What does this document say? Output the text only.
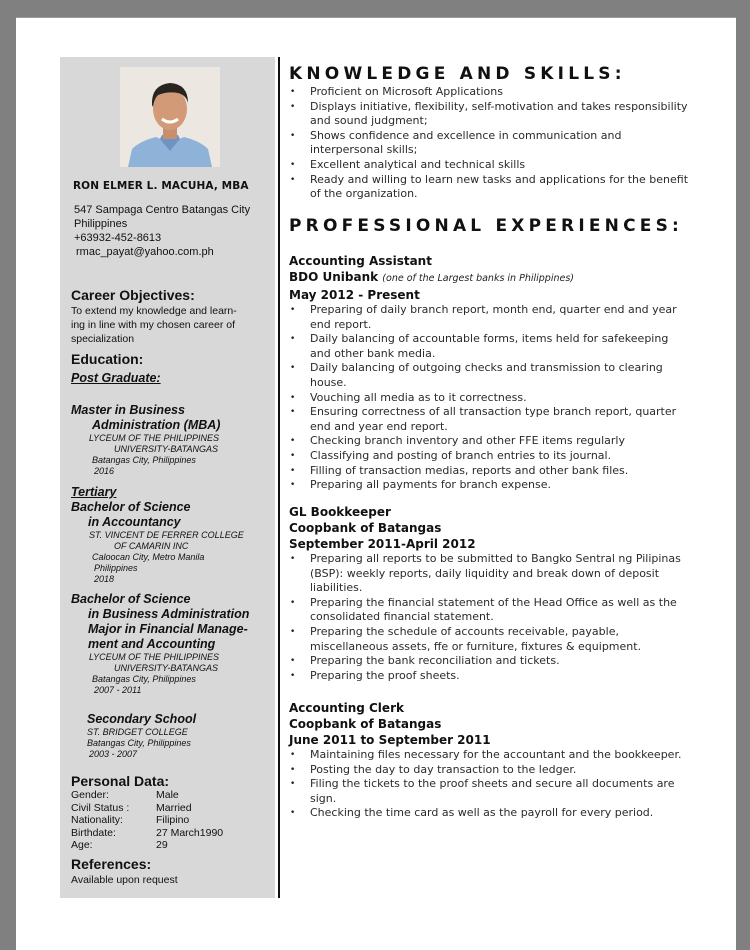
RON ELMER L. MACUHA, MBA
547 Sampaga Centro Batangas City
Philippines
+63932-452-8613
rmac_payat@yahoo.com.ph
Career Objectives:
To extend my knowledge and learn-
ing in line with my chosen career of
specialization
Education:
Post Graduate:
Master in Business
Administration (MBA)
LYCEUM OF THE PHILIPPINES
UNIVERSITY-BATANGAS
Batangas City, Philippines
2016
Tertiary
Bachelor of Science
in Accountancy
ST. VINCENT DE FERRER COLLEGE
OF CAMARIN INC
Caloocan City, Metro Manila
Philippines
2018
Bachelor of Science
in Business Administration
Major in Financial Manage-
ment and Accounting
LYCEUM OF THE PHILIPPINES
UNIVERSITY-BATANGAS
Batangas City, Philippines
2007 - 2011
Secondary School
ST. BRIDGET COLLEGE
Batangas City, Philippines
2003 - 2007
Personal Data:
Gender:	Male
Civil Status :	Married
Nationality:	Filipino
Birthdate:	27 March1990
Age:	29
References:
Available upon request
KNOWLEDGE AND SKILLS:
• Proficient on Microsoft Applications
• Displays initiative, flexibility, self-motivation and takes responsibility and sound judgment;
• Shows confidence and excellence in communication and interpersonal skills;
• Excellent analytical and technical skills
• Ready and willing to learn new tasks and applications for the benefit of the organization.
PROFESSIONAL EXPERIENCES:
Accounting Assistant
BDO Unibank (one of the Largest banks in Philippines)
May 2012 - Present
• Preparing of daily branch report, month end, quarter end and year end report.
• Daily balancing of accountable forms, items held for safekeeping and other bank media.
• Daily balancing of outgoing checks and transmission to clearing house.
• Vouching all media as to it correctness.
• Ensuring correctness of all transaction type branch report, quarter end and year end report.
• Checking branch inventory and other FFE items regularly
• Classifying and posting of branch entries to its journal.
• Filling of transaction medias, reports and other bank files.
• Preparing all payments for branch expense.
GL Bookkeeper
Coopbank of Batangas
September 2011-April 2012
• Preparing all reports to be submitted to Bangko Sentral ng Pilipinas (BSP): weekly reports, daily liquidity and break down of deposit liabilities.
• Preparing the financial statement of the Head Office as well as the consolidated financial statement.
• Preparing the schedule of accounts receivable, payable, miscellaneous assets, ffe or furniture, fixtures & equipment.
• Preparing the bank reconciliation and tickets.
• Preparing the proof sheets.
Accounting Clerk
Coopbank of Batangas
June 2011 to September 2011
• Maintaining files necessary for the accountant and the bookkeeper.
• Posting the day to day transaction to the ledger.
• Filing the tickets to the proof sheets and secure all documents are sign.
• Checking the time card as well as the payroll for every period.
